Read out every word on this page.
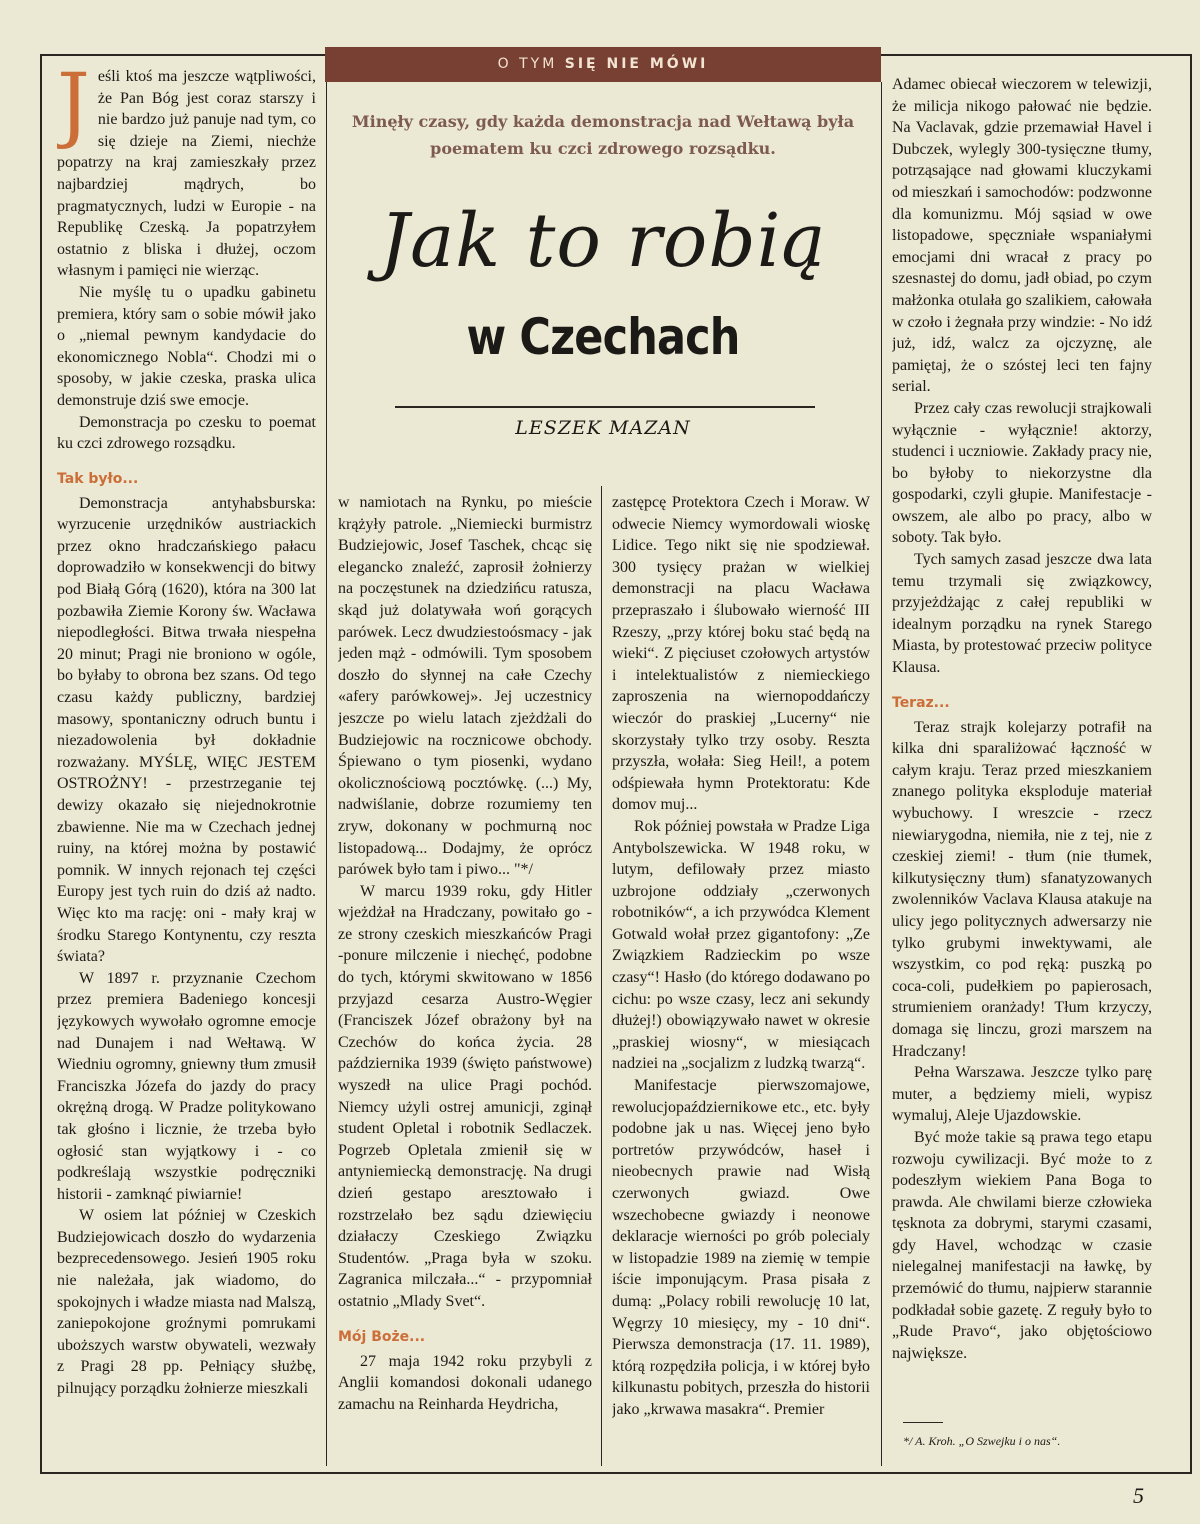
O TYM SIĘ NIE MÓWI
Minęły czasy, gdy każda demonstracja nad Wełtawą była poematem ku czci zdrowego rozsądku.
Jak to robią
w Czechach
LESZEK MAZAN

Jeśli ktoś ma jeszcze wątpliwości, że Pan Bóg jest coraz starszy i nie bardzo już panuje nad tym, co się dzieje na Ziemi, niechże popatrzy na kraj zamieszkały przez najbardziej mądrych, bo pragmatycznych, ludzi w Europie - na Republikę Czeską. Ja popatrzyłem ostatnio z bliska i dłużej, oczom własnym i pamięci nie wierząc.

Nie myślę tu o upadku gabinetu premiera, który sam o sobie mówił jako o „niemal pewnym kandydacie do ekonomicznego Nobla“. Chodzi mi o sposoby, w jakie czeska, praska ulica demonstruje dziś swe emocje.

Demonstracja po czesku to poemat ku czci zdrowego rozsądku.

Tak było...

Demonstracja antyhabsburska: wyrzucenie urzędników austriackich przez okno hradczańskiego pałacu doprowadziło w konsekwencji do bitwy pod Białą Górą (1620), która na 300 lat pozbawiła Ziemie Korony św. Wacława niepodległości. Bitwa trwała niespełna 20 minut; Pragi nie broniono w ogóle, bo byłaby to obrona bez szans. Od tego czasu każdy publiczny, bardziej masowy, spontaniczny odruch buntu i niezadowolenia był dokładnie rozważany. MYŚLĘ, WIĘC JESTEM OSTROŻNY! - przestrzeganie tej dewizy okazało się niejednokrotnie zbawienne. Nie ma w Czechach jednej ruiny, na której można by postawić pomnik. W innych rejonach tej części Europy jest tych ruin do dziś aż nadto. Więc kto ma rację: oni - mały kraj w środku Starego Kontynentu, czy reszta świata?

W 1897 r. przyznanie Czechom przez premiera Badeniego koncesji językowych wywołało ogromne emocje nad Dunajem i nad Wełtawą. W Wiedniu ogromny, gniewny tłum zmusił Franciszka Józefa do jazdy do pracy okrężną drogą. W Pradze politykowano tak głośno i licznie, że trzeba było ogłosić stan wyjątkowy i - co podkreślają wszystkie podręczniki historii - zamknąć piwiarnie!

W osiem lat później w Czeskich Budziejowicach doszło do wydarzenia bezprecedensowego. Jesień 1905 roku nie należała, jak wiadomo, do spokojnych i władze miasta nad Malszą, zaniepokojone groźnymi pomrukami uboższych warstw obywateli, wezwały z Pragi 28 pp. Pełniący służbę, pilnujący porządku żołnierze mieszkali

w namiotach na Rynku, po mieście krążyły patrole. „Niemiecki burmistrz Budziejowic, Josef Taschek, chcąc się elegancko znaleźć, zaprosił żołnierzy na poczęstunek na dziedzińcu ratusza, skąd już dolatywała woń gorących parówek. Lecz dwudziestoósmacy - jak jeden mąż - odmówili. Tym sposobem doszło do słynnej na całe Czechy «afery parówkowej». Jej uczestnicy jeszcze po wielu latach zjeżdżali do Budziejowic na rocznicowe obchody. Śpiewano o tym piosenki, wydano okolicznościową pocztówkę. (...) My, nadwiślanie, dobrze rozumiemy ten zryw, dokonany w pochmurną noc listopadową... Dodajmy, że oprócz parówek było tam i piwo... "*/

W marcu 1939 roku, gdy Hitler wjeżdżał na Hradczany, powitało go - ze strony czeskich mieszkańców Pragi -ponure milczenie i niechęć, podobne do tych, którymi skwitowano w 1856 przyjazd cesarza Austro-Węgier (Franciszek Józef obrażony był na Czechów do końca życia. 28 października 1939 (święto państwowe) wyszedł na ulice Pragi pochód. Niemcy użyli ostrej amunicji, zginął student Opletal i robotnik Sedlaczek. Pogrzeb Opletala zmienił się w antyniemiecką demonstrację. Na drugi dzień gestapo aresztowało i rozstrzelało bez sądu dziewięciu działaczy Czeskiego Związku Studentów. „Praga była w szoku. Zagranica milczała...“ - przypomniał ostatnio „Mlady Svet“.

Mój Boże...

27 maja 1942 roku przybyli z Anglii komandosi dokonali udanego zamachu na Reinharda Heydricha,

zastępcę Protektora Czech i Moraw. W odwecie Niemcy wymordowali wioskę Lidice. Tego nikt się nie spodziewał. 300 tysięcy prażan w wielkiej demonstracji na placu Wacława przepraszało i ślubowało wierność III Rzeszy, „przy której boku stać będą na wieki“. Z pięciuset czołowych artystów i intelektualistów z niemieckiego zaproszenia na wiernopoddańczy wieczór do praskiej „Lucerny“ nie skorzystały tylko trzy osoby. Reszta przyszła, wołała: Sieg Heil!, a potem odśpiewała hymn Protektoratu: Kde domov muj...

Rok później powstała w Pradze Liga Antybolszewicka. W 1948 roku, w lutym, defilowały przez miasto uzbrojone oddziały „czerwonych robotników“, a ich przywódca Klement Gotwald wołał przez gigantofony: „Ze Związkiem Radzieckim po wsze czasy“! Hasło (do którego dodawano po cichu: po wsze czasy, lecz ani sekundy dłużej!) obowiązywało nawet w okresie „praskiej wiosny“, w miesiącach nadziei na „socjalizm z ludzką twarzą“.

Manifestacje pierwszomajowe, rewolucjopaździernikowe etc., etc. były podobne jak u nas. Więcej jeno było portretów przywódców, haseł i nieobecnych prawie nad Wisłą czerwonych gwiazd. Owe wszechobecne gwiazdy i neonowe deklaracje wierności po grób polecialy w listopadzie 1989 na ziemię w tempie iście imponującym. Prasa pisała z dumą: „Polacy robili rewolucję 10 lat, Węgrzy 10 miesięcy, my - 10 dni“. Pierwsza demonstracja (17. 11. 1989), którą rozpędziła policja, i w której było kilkunastu pobitych, przeszła do historii jako „krwawa masakra“. Premier

Adamec obiecał wieczorem w telewizji, że milicja nikogo pałować nie będzie. Na Vaclavak, gdzie przemawiał Havel i Dubczek, wylegly 300-tysięczne tłumy, potrząsające nad głowami kluczykami od mieszkań i samochodów: podzwonne dla komunizmu. Mój sąsiad w owe listopadowe, spęczniałe wspaniałymi emocjami dni wracał z pracy po szesnastej do domu, jadł obiad, po czym małżonka otulała go szalikiem, całowała w czoło i żegnała przy windzie: - No idź już, idź, walcz za ojczyznę, ale pamiętaj, że o szóstej leci ten fajny serial.

Przez cały czas rewolucji strajkowali wyłącznie - wyłącznie! aktorzy, studenci i uczniowie. Zakłady pracy nie, bo byłoby to niekorzystne dla gospodarki, czyli głupie. Manifestacje - owszem, ale albo po pracy, albo w soboty. Tak było.

Tych samych zasad jeszcze dwa lata temu trzymali się związkowcy, przyjeżdżając z całej republiki w idealnym porządku na rynek Starego Miasta, by protestować przeciw polityce Klausa.

Teraz...

Teraz strajk kolejarzy potrafił na kilka dni sparaliżować łączność w całym kraju. Teraz przed mieszkaniem znanego polityka eksploduje materiał wybuchowy. I wreszcie - rzecz niewiarygodna, niemiła, nie z tej, nie z czeskiej ziemi! - tłum (nie tłumek, kilkutysięczny tłum) sfanatyzowanych zwolenników Vaclava Klausa atakuje na ulicy jego politycznych adwersarzy nie tylko grubymi inwektywami, ale wszystkim, co pod ręką: puszką po coca-coli, pudełkiem po papierosach, strumieniem oranżady! Tłum krzyczy, domaga się linczu, grozi marszem na Hradczany!

Pełna Warszawa. Jeszcze tylko parę muter, a będziemy mieli, wypisz wymaluj, Aleje Ujazdowskie.

Być może takie są prawa tego etapu rozwoju cywilizacji. Być może to z podeszłym wiekiem Pana Boga to prawda. Ale chwilami bierze człowieka tęsknota za dobrymi, starymi czasami, gdy Havel, wchodząc w czasie nielegalnej manifestacji na ławkę, by przemówić do tłumu, najpierw starannie podkładał sobie gazetę. Z reguły było to „Rude Pravo“, jako objętościowo największe.

*/ A. Kroh. „O Szwejku i o nas“.
5
